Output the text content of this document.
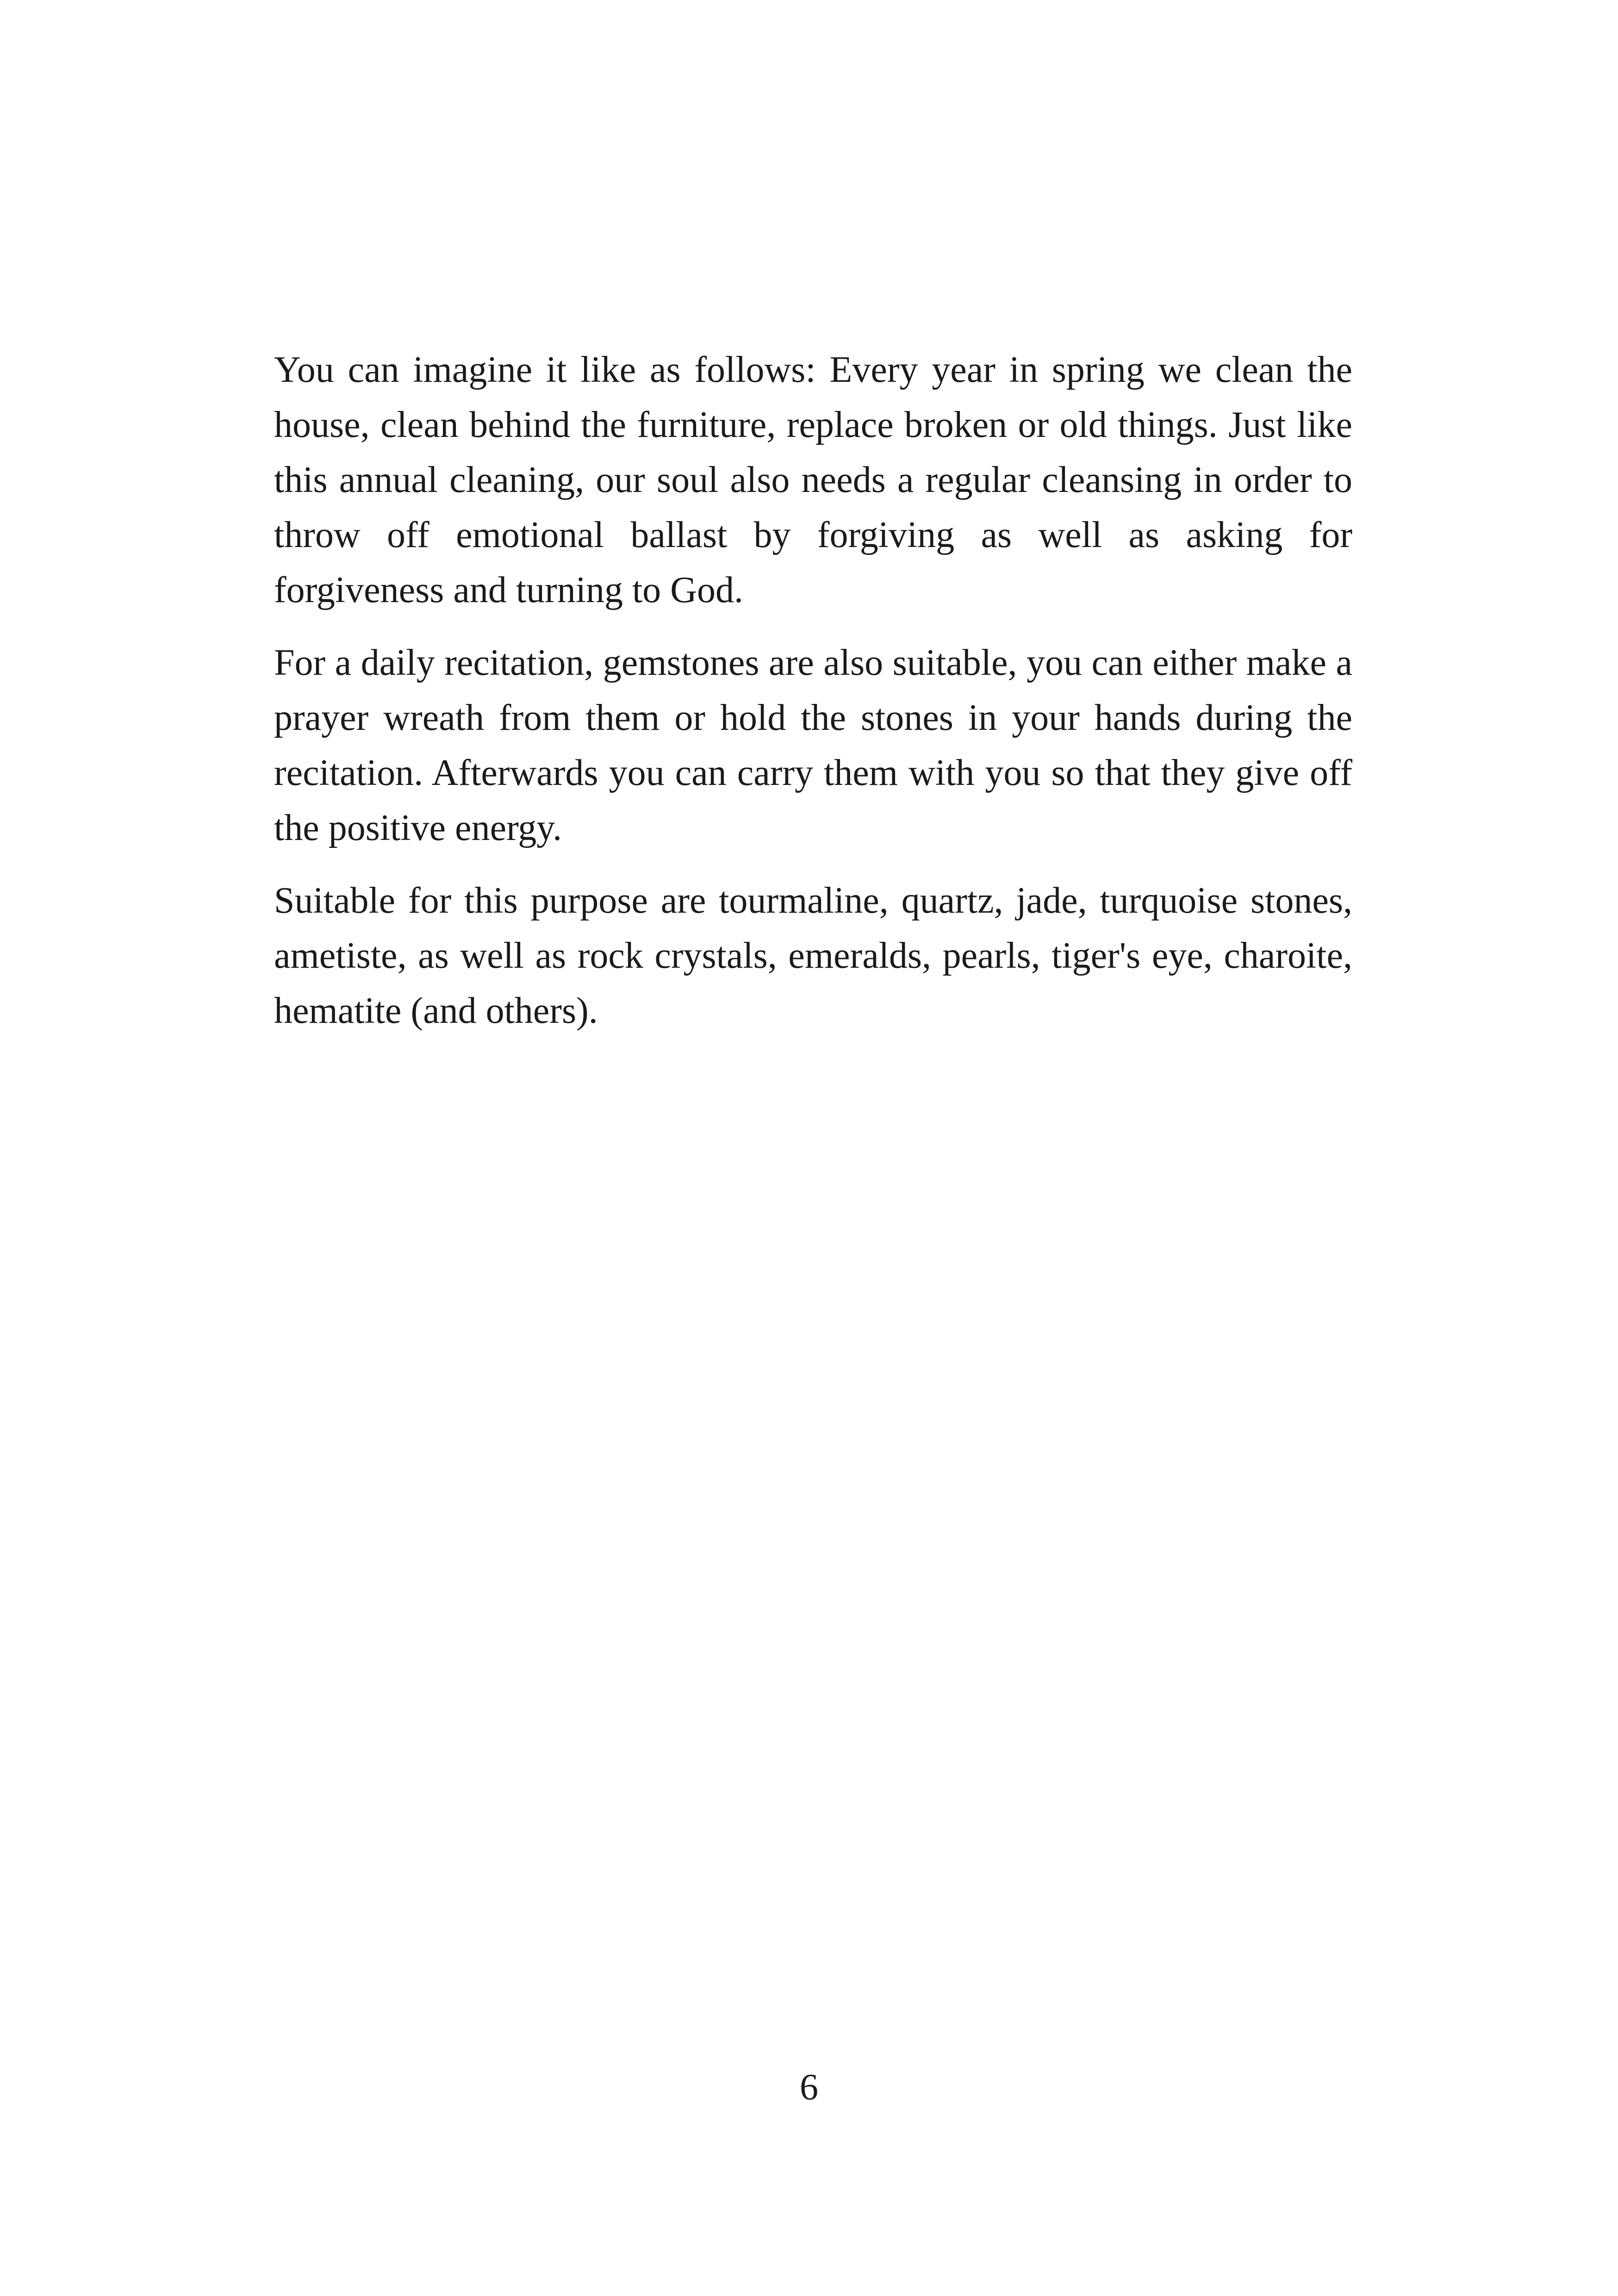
You can imagine it like as follows: Every year in spring we clean the house, clean behind the furniture, replace broken or old things. Just like this annual cleaning, our soul also needs a regular cleansing in order to throw off emotional ballast by forgiving as well as asking for forgiveness and turning to God.

For a daily recitation, gemstones are also suitable, you can either make a prayer wreath from them or hold the stones in your hands during the recitation. Afterwards you can carry them with you so that they give off the positive energy.

Suitable for this purpose are tourmaline, quartz, jade, turquoise stones, ametiste, as well as rock crystals, emeralds, pearls, tiger's eye, charoite, hematite (and others).

6
